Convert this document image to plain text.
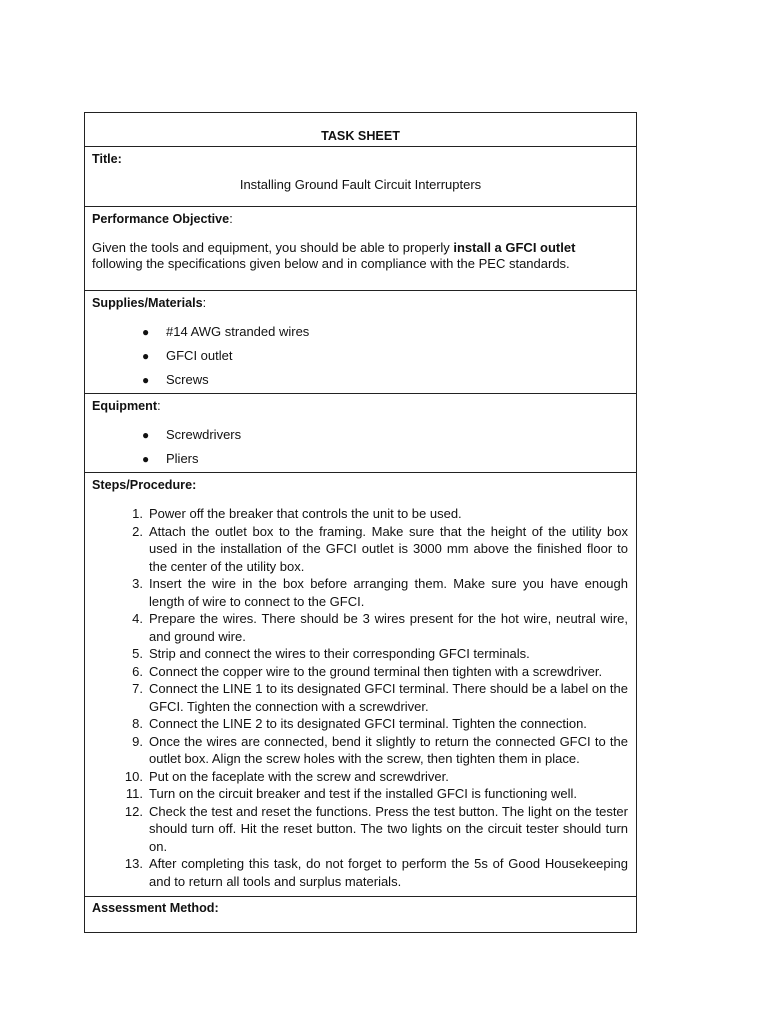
TASK SHEET
Title:
Installing Ground Fault Circuit Interrupters
Performance Objective:
Given the tools and equipment, you should be able to properly install a GFCI outlet following the specifications given below and in compliance with the PEC standards.
Supplies/Materials:
● #14 AWG stranded wires
● GFCI outlet
● Screws
Equipment:
● Screwdrivers
● Pliers
Steps/Procedure:
1. Power off the breaker that controls the unit to be used.
2. Attach the outlet box to the framing. Make sure that the height of the utility box used in the installation of the GFCI outlet is 3000 mm above the finished floor to the center of the utility box.
3. Insert the wire in the box before arranging them. Make sure you have enough length of wire to connect to the GFCI.
4. Prepare the wires. There should be 3 wires present for the hot wire, neutral wire, and ground wire.
5. Strip and connect the wires to their corresponding GFCI terminals.
6. Connect the copper wire to the ground terminal then tighten with a screwdriver.
7. Connect the LINE 1 to its designated GFCI terminal. There should be a label on the GFCI. Tighten the connection with a screwdriver.
8. Connect the LINE 2 to its designated GFCI terminal. Tighten the connection.
9. Once the wires are connected, bend it slightly to return the connected GFCI to the outlet box. Align the screw holes with the screw, then tighten them in place.
10. Put on the faceplate with the screw and screwdriver.
11. Turn on the circuit breaker and test if the installed GFCI is functioning well.
12. Check the test and reset the functions. Press the test button. The light on the tester should turn off. Hit the reset button. The two lights on the circuit tester should turn on.
13. After completing this task, do not forget to perform the 5s of Good Housekeeping and to return all tools and surplus materials.
Assessment Method:
